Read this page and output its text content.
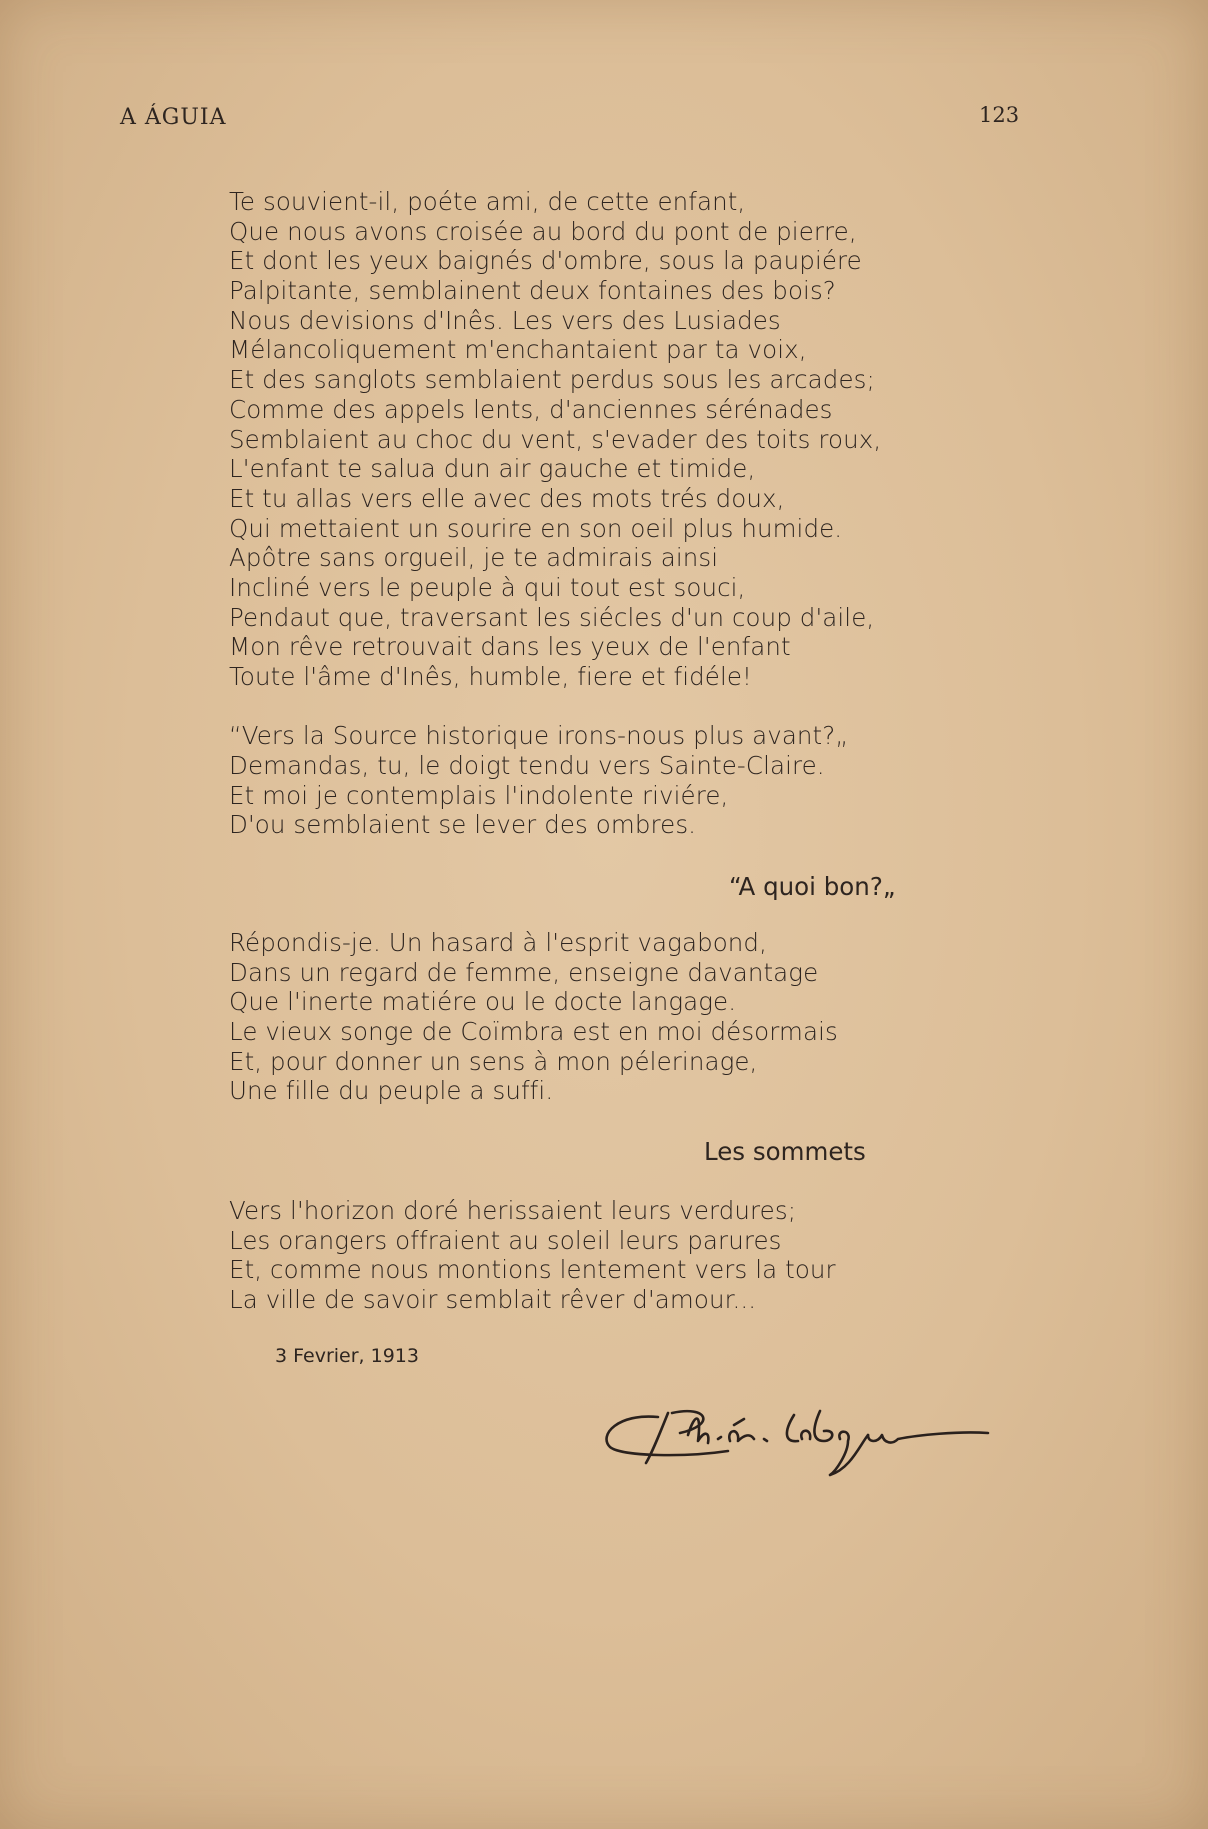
A ÁGUIA	123
Te souvient-il, poéte ami, de cette enfant,
Que nous avons croisée au bord du pont de pierre,
Et dont les yeux baignés d'ombre, sous la paupiére
Palpitante, semblainent deux fontaines des bois?
Nous devisions d'Inês. Les vers des Lusiades
Mélancoliquement m'enchantaient par ta voix,
Et des sanglots semblaient perdus sous les arcades;
Comme des appels lents, d'anciennes sérénades
Semblaient au choc du vent, s'evader des toits roux,
L'enfant te salua dun air gauche et timide,
Et tu allas vers elle avec des mots trés doux,
Qui mettaient un sourire en son oeil plus humide.
Apôtre sans orgueil, je te admirais ainsi
Incliné vers le peuple à qui tout est souci,
Pendaut que, traversant les siécles d'un coup d'aile,
Mon rêve retrouvait dans les yeux de l'enfant
Toute l'âme d'Inês, humble, fiere et fidéle!
“Vers la Source historique irons-nous plus avant?„
Demandas, tu, le doigt tendu vers Sainte-Claire.
Et moi je contemplais l'indolente riviére,
D'ou semblaient se lever des ombres.
“A quoi bon?„
Répondis-je. Un hasard à l'esprit vagabond,
Dans un regard de femme, enseigne davantage
Que l'inerte matiére ou le docte langage.
Le vieux songe de Coïmbra est en moi désormais
Et, pour donner un sens à mon pélerinage,
Une fille du peuple a suffi.
Les sommets
Vers l'horizon doré herissaient leurs verdures;
Les orangers offraient au soleil leurs parures
Et, comme nous montions lentement vers la tour
La ville de savoir semblait rêver d'amour...
3 Fevrier, 1913
